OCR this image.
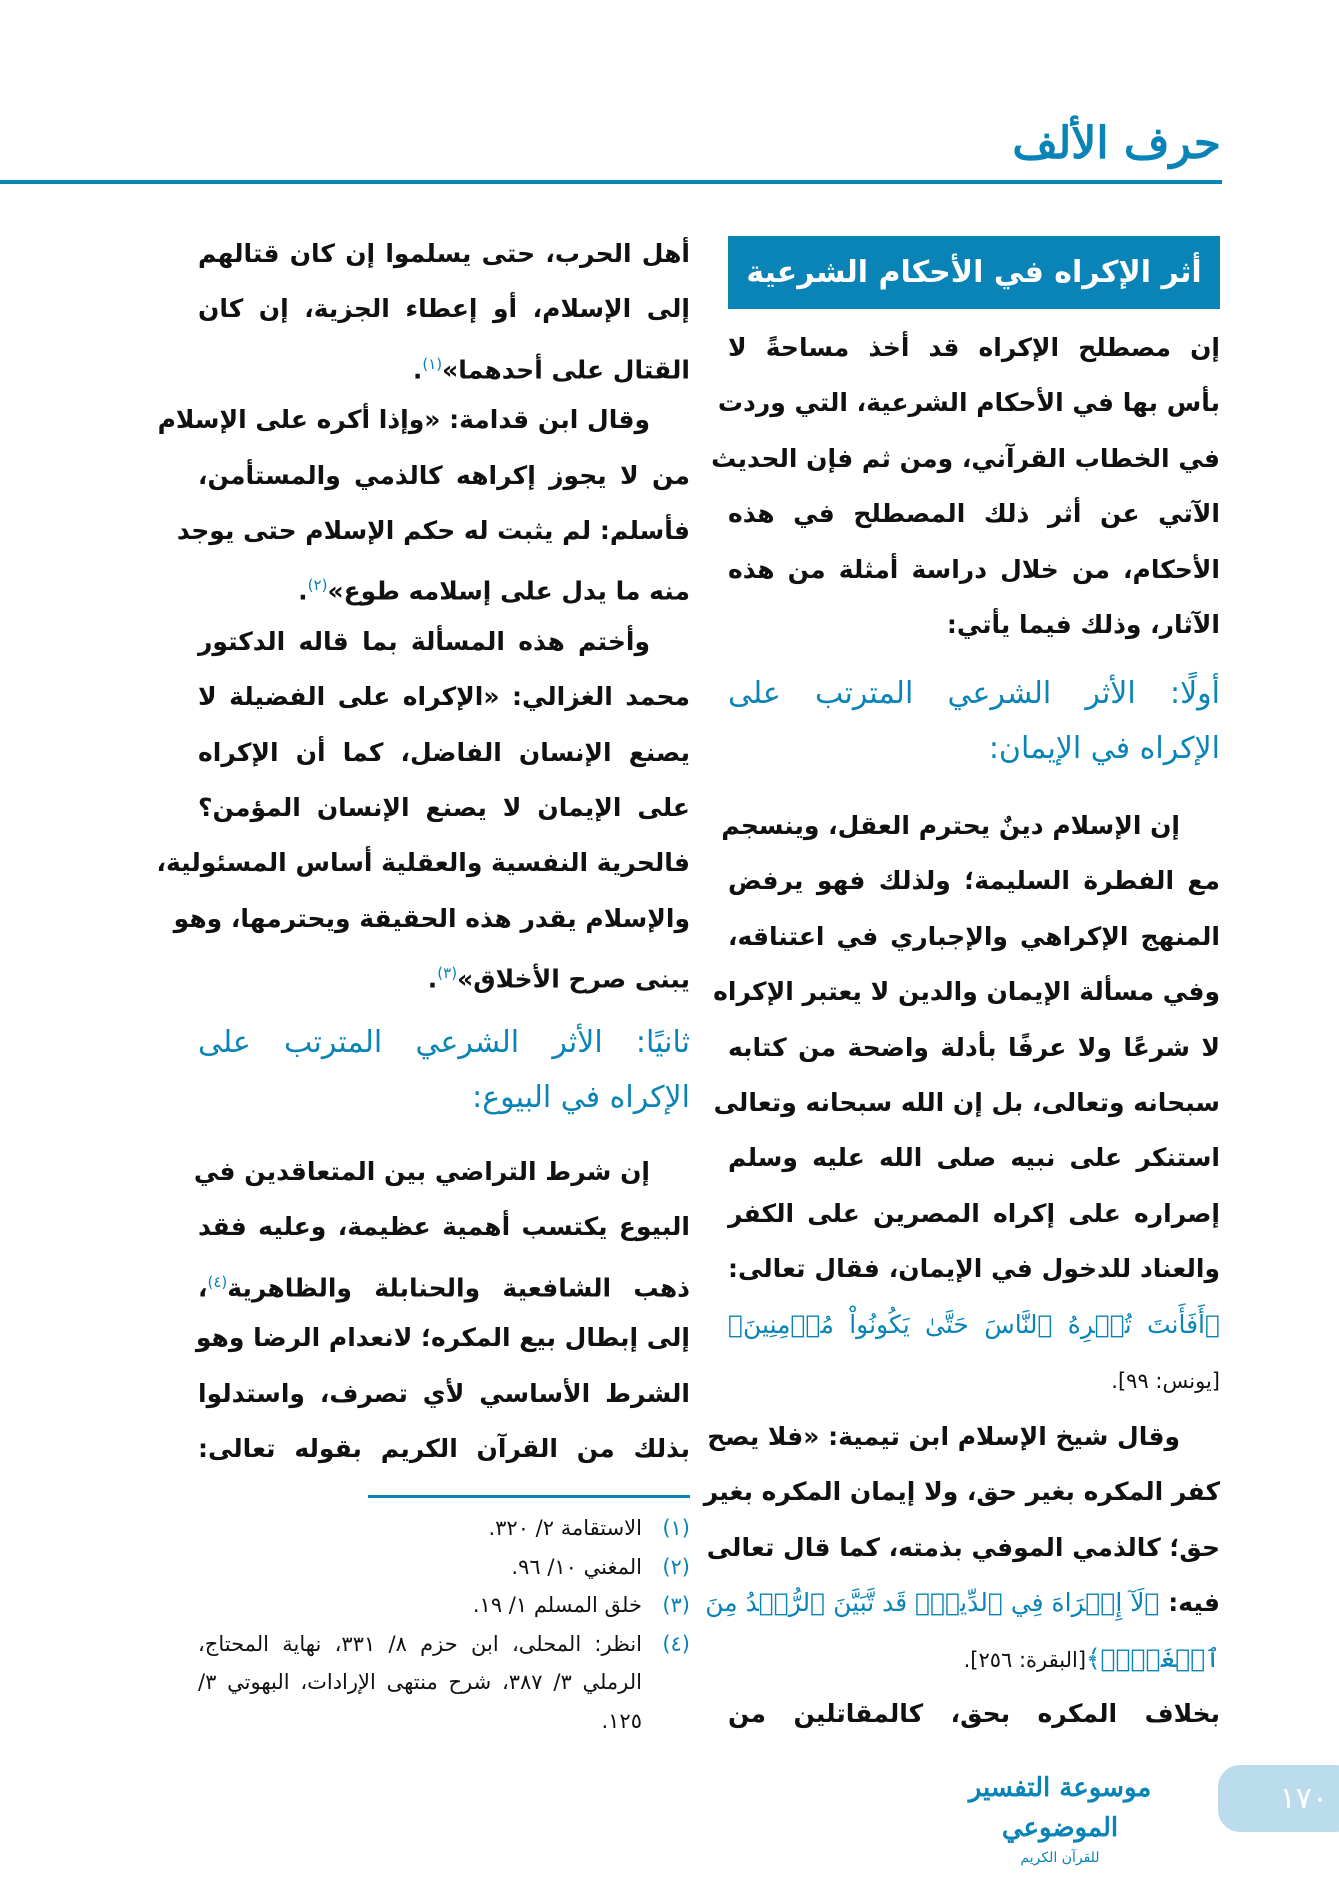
حرف الألف
أثر الإكراه في الأحكام الشرعية
إن مصطلح الإكراه قد أخذ مساحةً لا
بأس بها في الأحكام الشرعية، التي وردت
في الخطاب القرآني، ومن ثم فإن الحديث
الآتي عن أثر ذلك المصطلح في هذه
الأحكام، من خلال دراسة أمثلة من هذه
الآثار، وذلك فيما يأتي:
أولًا: الأثر الشرعي المترتب على
الإكراه في الإيمان:
إن الإسلام دينٌ يحترم العقل، وينسجم
مع الفطرة السليمة؛ ولذلك فهو يرفض
المنهج الإكراهي والإجباري في اعتناقه،
وفي مسألة الإيمان والدين لا يعتبر الإكراه
لا شرعًا ولا عرفًا بأدلة واضحة من كتابه
سبحانه وتعالى، بل إن الله سبحانه وتعالى
استنكر على نبيه صلى الله عليه وسلم
إصراره على إكراه المصرين على الكفر
والعناد للدخول في الإيمان، فقال تعالى:
﴿أَفَأَنتَ تُكۡرِهُ ٱلنَّاسَ حَتَّىٰ يَكُونُواْ مُؤۡمِنِينَ﴾
[يونس: ٩٩].
وقال شيخ الإسلام ابن تيمية: «فلا يصح
كفر المكره بغير حق، ولا إيمان المكره بغير
حق؛ كالذمي الموفي بذمته، كما قال تعالى
فيه: ﴿لَآ إِكۡرَاهَ فِي ٱلدِّينِۖ قَد تَّبَيَّنَ ٱلرُّشۡدُ مِنَ
ٱلۡغَيِّۚ﴾[البقرة: ٢٥٦].
بخلاف المكره بحق، كالمقاتلين من
أهل الحرب، حتى يسلموا إن كان قتالهم
إلى الإسلام، أو إعطاء الجزية، إن كان
القتال على أحدهما»$^{(١)}$.
وقال ابن قدامة: «وإذا أكره على الإسلام
من لا يجوز إكراهه كالذمي والمستأمن،
فأسلم: لم يثبت له حكم الإسلام حتى يوجد
منه ما يدل على إسلامه طوع»$^{(٢)}$.
وأختم هذه المسألة بما قاله الدكتور
محمد الغزالي: «الإكراه على الفضيلة لا
يصنع الإنسان الفاضل، كما أن الإكراه
على الإيمان لا يصنع الإنسان المؤمن؟
فالحرية النفسية والعقلية أساس المسئولية،
والإسلام يقدر هذه الحقيقة ويحترمها، وهو
يبنى صرح الأخلاق»$^{(٣)}$.
ثانيًا: الأثر الشرعي المترتب على
الإكراه في البيوع:
إن شرط التراضي بين المتعاقدين في
البيوع يكتسب أهمية عظيمة، وعليه فقد
ذهب الشافعية والحنابلة والظاهرية$^{(٤)}$،
إلى إبطال بيع المكره؛ لانعدام الرضا وهو
الشرط الأساسي لأي تصرف، واستدلوا
بذلك من القرآن الكريم بقوله تعالى:
(١)
الاستقامة ٢/ ٣٢٠.
(٢)
المغني ١٠/ ٩٦.
(٣)
خلق المسلم ١/ ١٩.
(٤)
انظر: المحلى، ابن حزم ٨/ ٣٣١، نهاية المحتاج، الرملي ٣/ ٣٨٧، شرح منتهى الإرادات، البهوتي ٣/ ١٢٥.
موسوعة التفسير الموضوعي
للقرآن الكريم
١٧٠
